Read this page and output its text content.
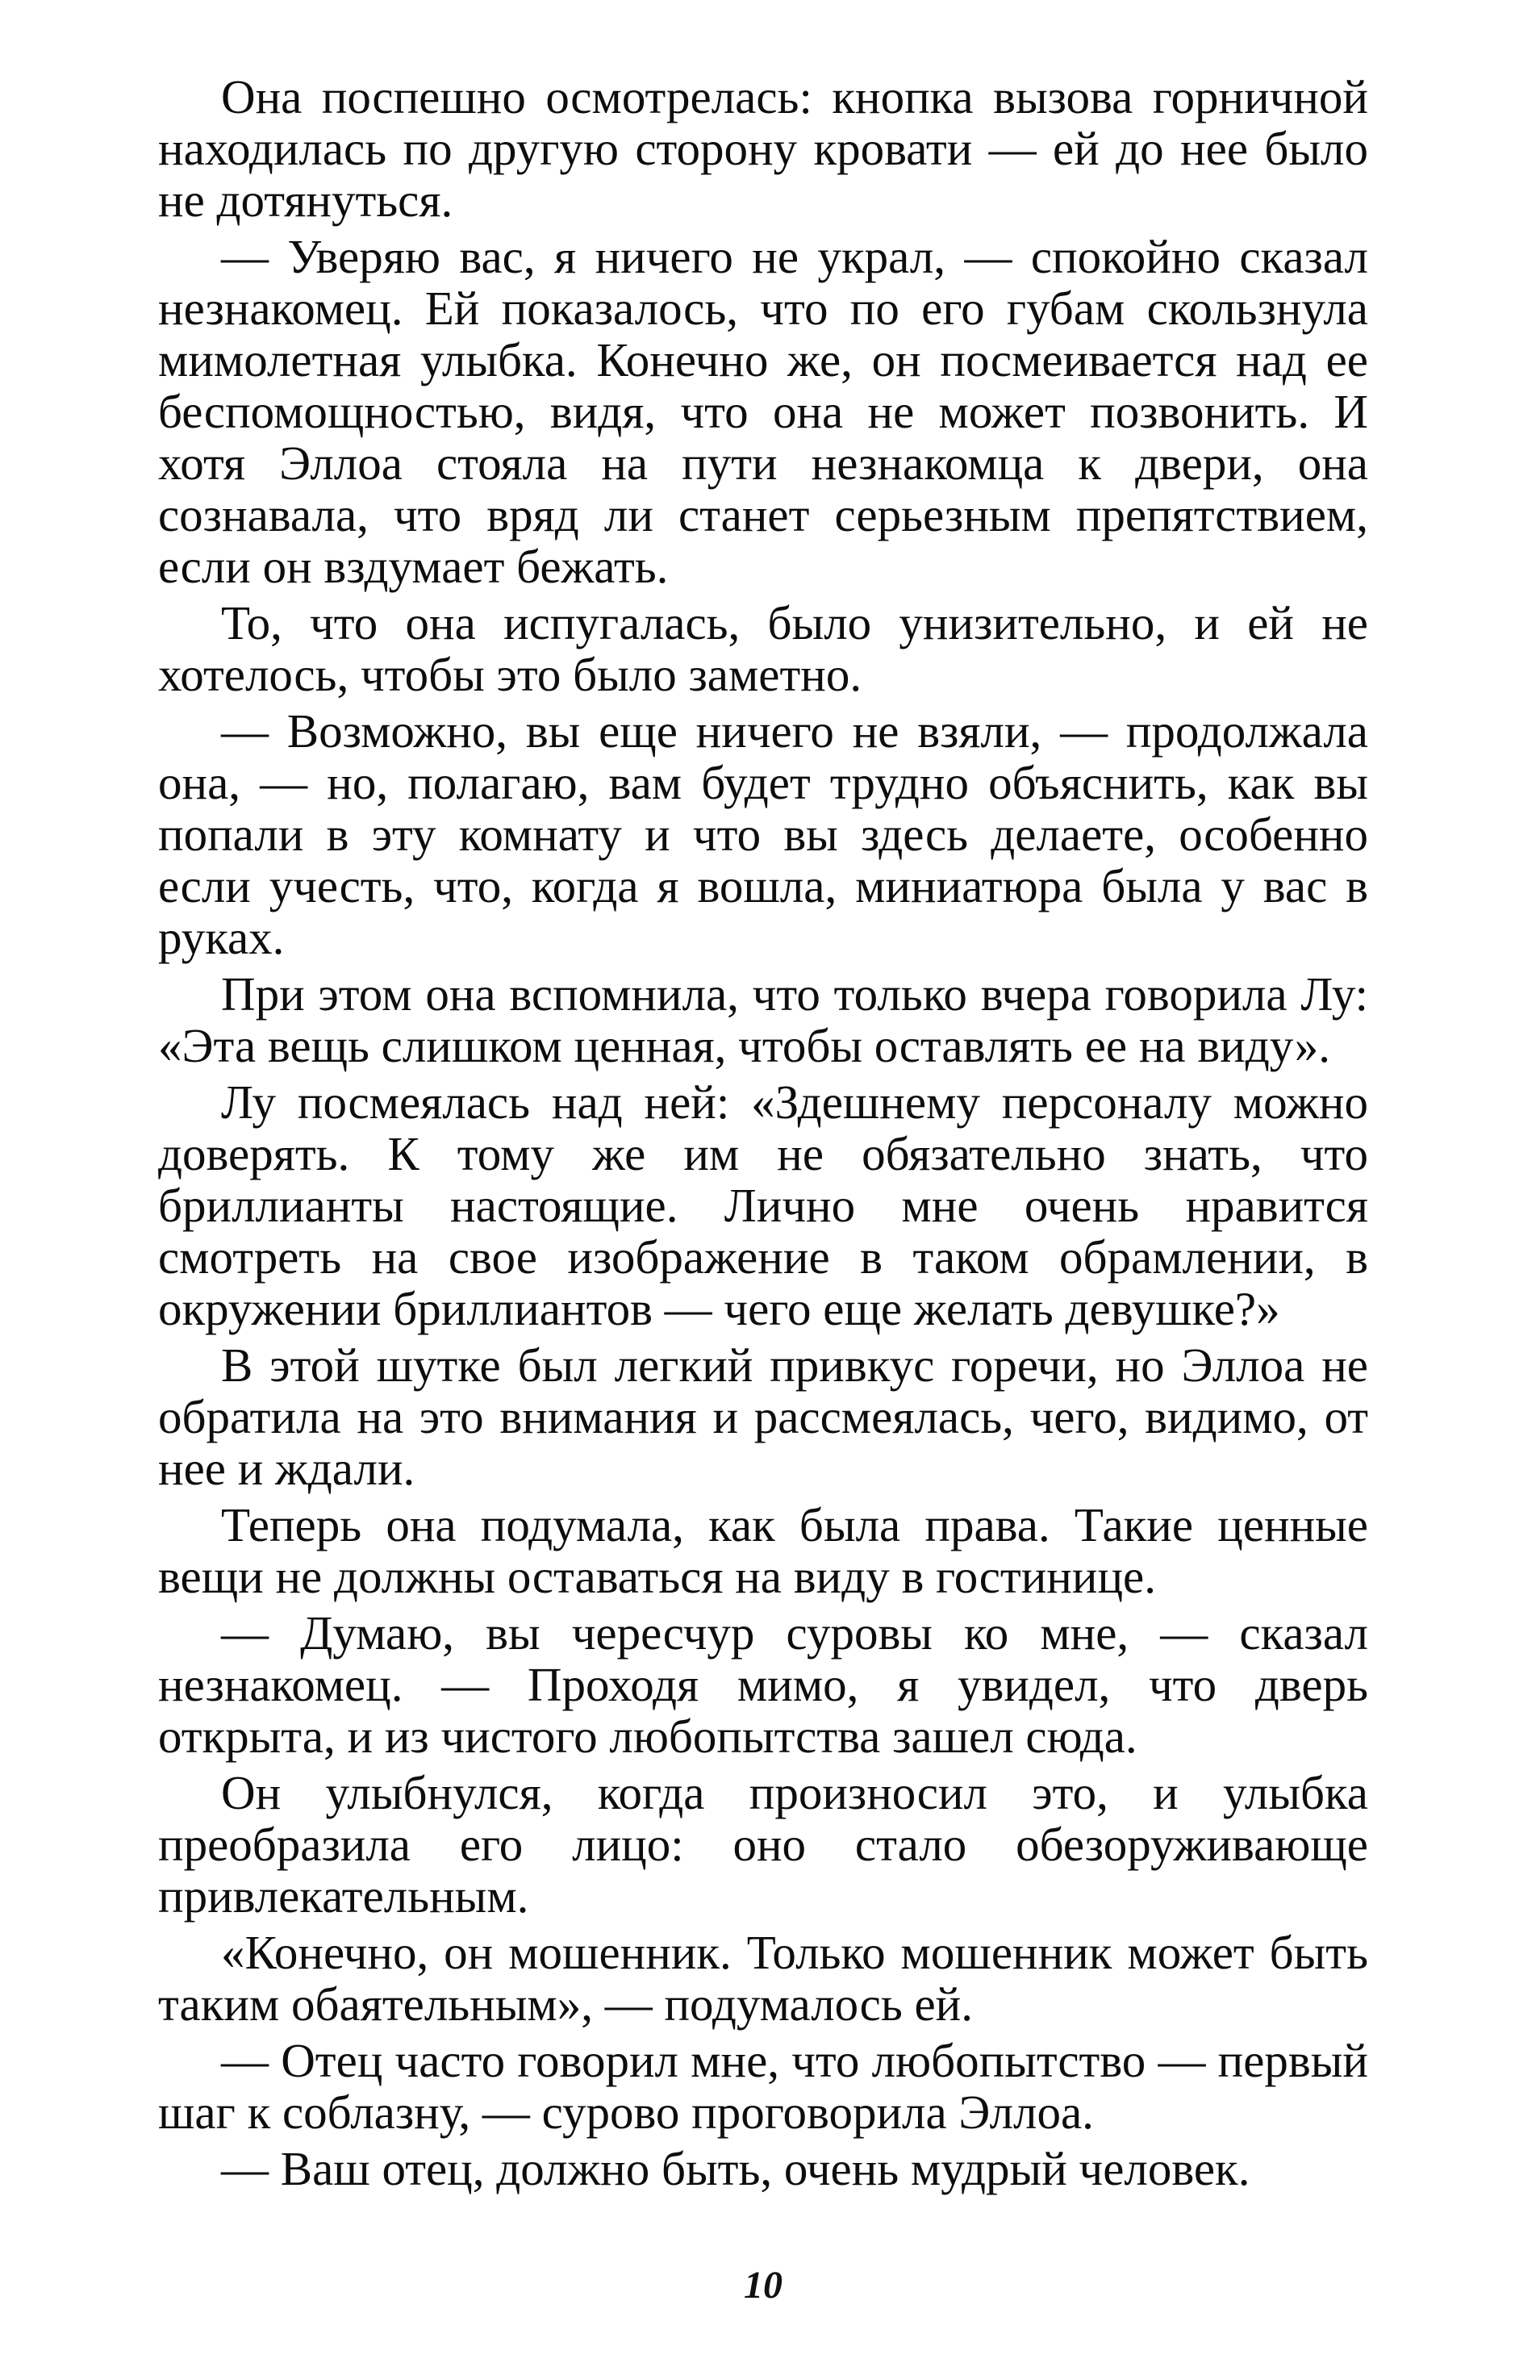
Она поспешно осмотрелась: кнопка вызова горничной находилась по другую сторону кровати — ей до нее было не дотянуться.

— Уверяю вас, я ничего не украл, — спокойно сказал незнакомец. Ей показалось, что по его губам скользнула мимолетная улыбка. Конечно же, он посмеивается над ее беспомощностью, видя, что она не может позвонить. И хотя Эллоа стояла на пути незнакомца к двери, она сознавала, что вряд ли станет серьезным препятствием, если он вздумает бежать.

То, что она испугалась, было унизительно, и ей не хотелось, чтобы это было заметно.

— Возможно, вы еще ничего не взяли, — продолжала она, — но, полагаю, вам будет трудно объяснить, как вы попали в эту комнату и что вы здесь делаете, особенно если учесть, что, когда я вошла, миниатюра была у вас в руках.

При этом она вспомнила, что только вчера говорила Лу: «Эта вещь слишком ценная, чтобы оставлять ее на виду».

Лу посмеялась над ней: «Здешнему персоналу можно доверять. К тому же им не обязательно знать, что бриллианты настоящие. Лично мне очень нравится смотреть на свое изображение в таком обрамлении, в окружении бриллиантов — чего еще желать девушке?»

В этой шутке был легкий привкус горечи, но Эллоа не обратила на это внимания и рассмеялась, чего, видимо, от нее и ждали.

Теперь она подумала, как была права. Такие ценные вещи не должны оставаться на виду в гостинице.

— Думаю, вы чересчур суровы ко мне, — сказал незнакомец. — Проходя мимо, я увидел, что дверь открыта, и из чистого любопытства зашел сюда.

Он улыбнулся, когда произносил это, и улыбка преобразила его лицо: оно стало обезоруживающе привлекательным.

«Конечно, он мошенник. Только мошенник может быть таким обаятельным», — подумалось ей.

— Отец часто говорил мне, что любопытство — первый шаг к соблазну, — сурово проговорила Эллоа.

— Ваш отец, должно быть, очень мудрый человек.

10
